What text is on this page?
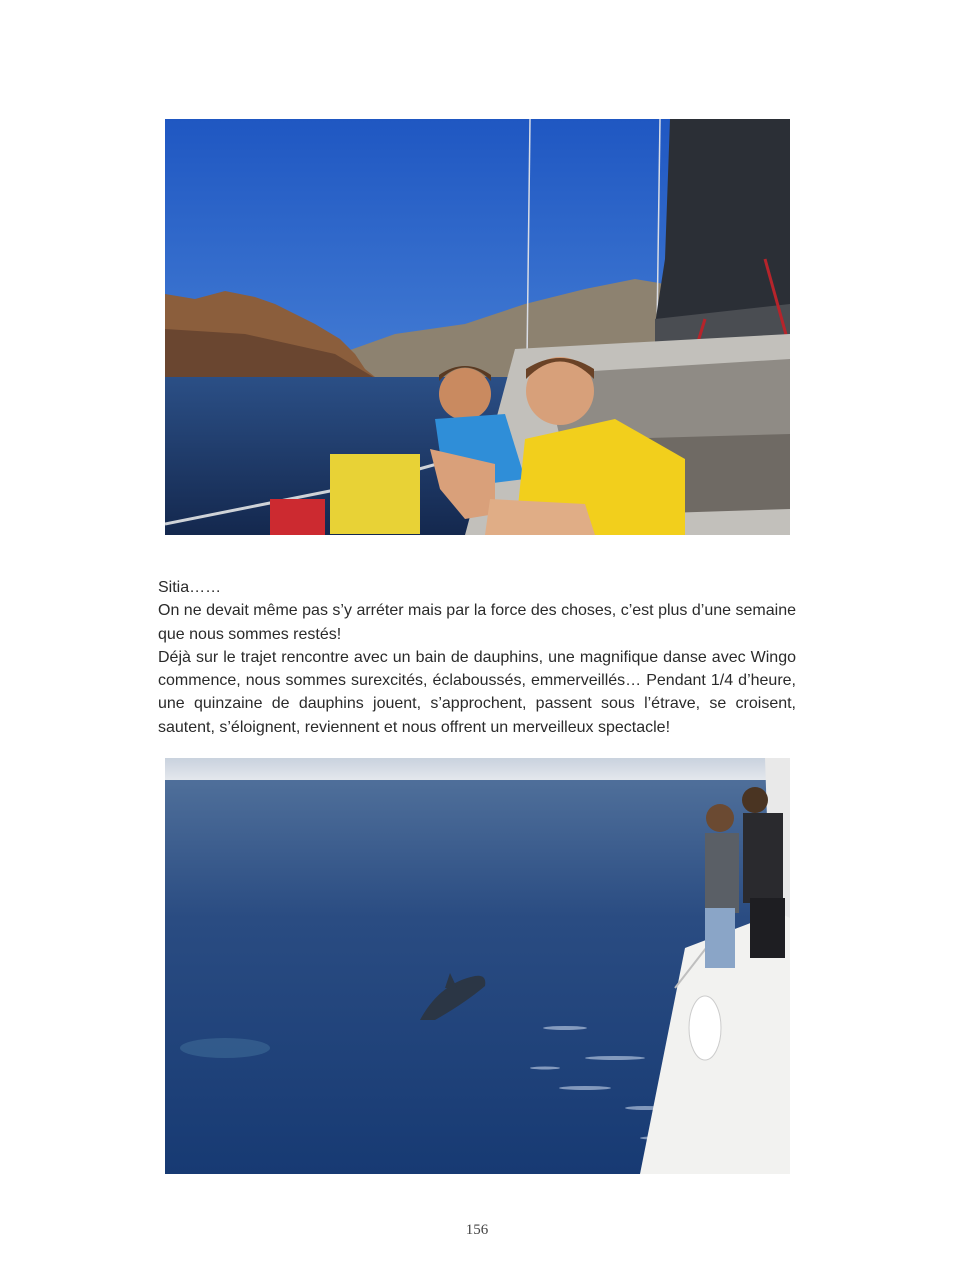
Sitia……

On ne devait même pas s’y arréter mais par la force des choses, c’est plus d’une semaine que nous sommes restés!

Déjà sur le trajet rencontre avec un bain de dauphins, une magnifique danse avec Wingo commence, nous sommes surexcités, éclaboussés, emmerveillés… Pendant 1/4 d’heure, une quinzaine de dauphins jouent, s’approchent, passent sous l’étrave, se croisent, sautent, s’éloignent, reviennent et nous offrent un merveilleux spectacle!

156
